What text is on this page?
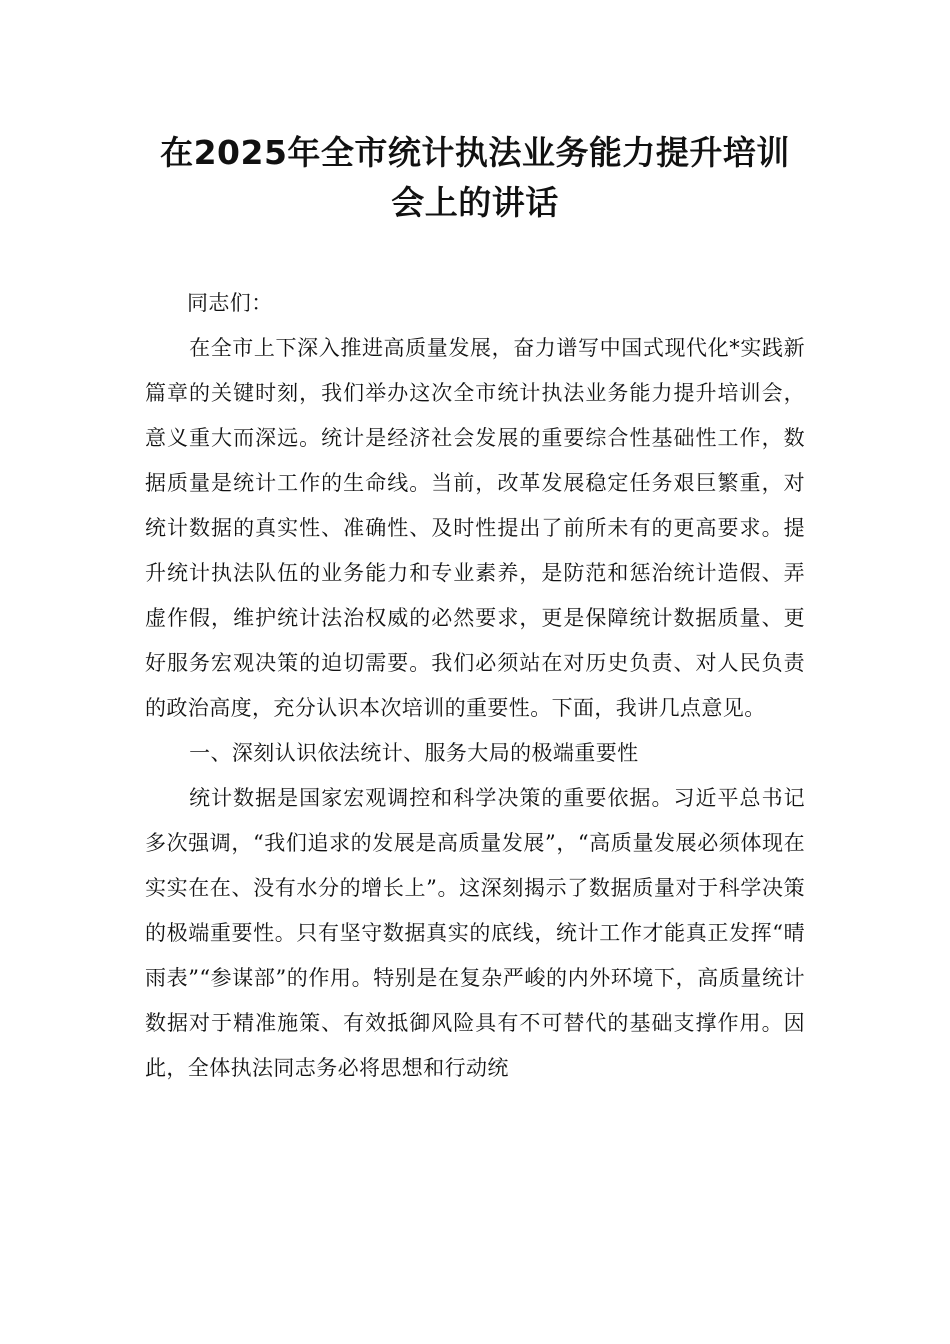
在2025年全市统计执法业务能力提升培训
会上的讲话

同志们：

在全市上下深入推进高质量发展，奋力谱写中国式现代化*实践新篇章的关键时刻，我们举办这次全市统计执法业务能力提升培训会，意义重大而深远。统计是经济社会发展的重要综合性基础性工作，数据质量是统计工作的生命线。当前，改革发展稳定任务艰巨繁重，对统计数据的真实性、准确性、及时性提出了前所未有的更高要求。提升统计执法队伍的业务能力和专业素养，是防范和惩治统计造假、弄虚作假，维护统计法治权威的必然要求，更是保障统计数据质量、更好服务宏观决策的迫切需要。我们必须站在对历史负责、对人民负责的政治高度，充分认识本次培训的重要性。下面，我讲几点意见。

一、深刻认识依法统计、服务大局的极端重要性

统计数据是国家宏观调控和科学决策的重要依据。习近平总书记多次强调，“我们追求的发展是高质量发展”，“高质量发展必须体现在实实在在、没有水分的增长上”。这深刻揭示了数据质量对于科学决策的极端重要性。只有坚守数据真实的底线，统计工作才能真正发挥“晴雨表”“参谋部”的作用。特别是在复杂严峻的内外环境下，高质量统计数据对于精准施策、有效抵御风险具有不可替代的基础支撑作用。因此，全体执法同志务必将思想和行动统
